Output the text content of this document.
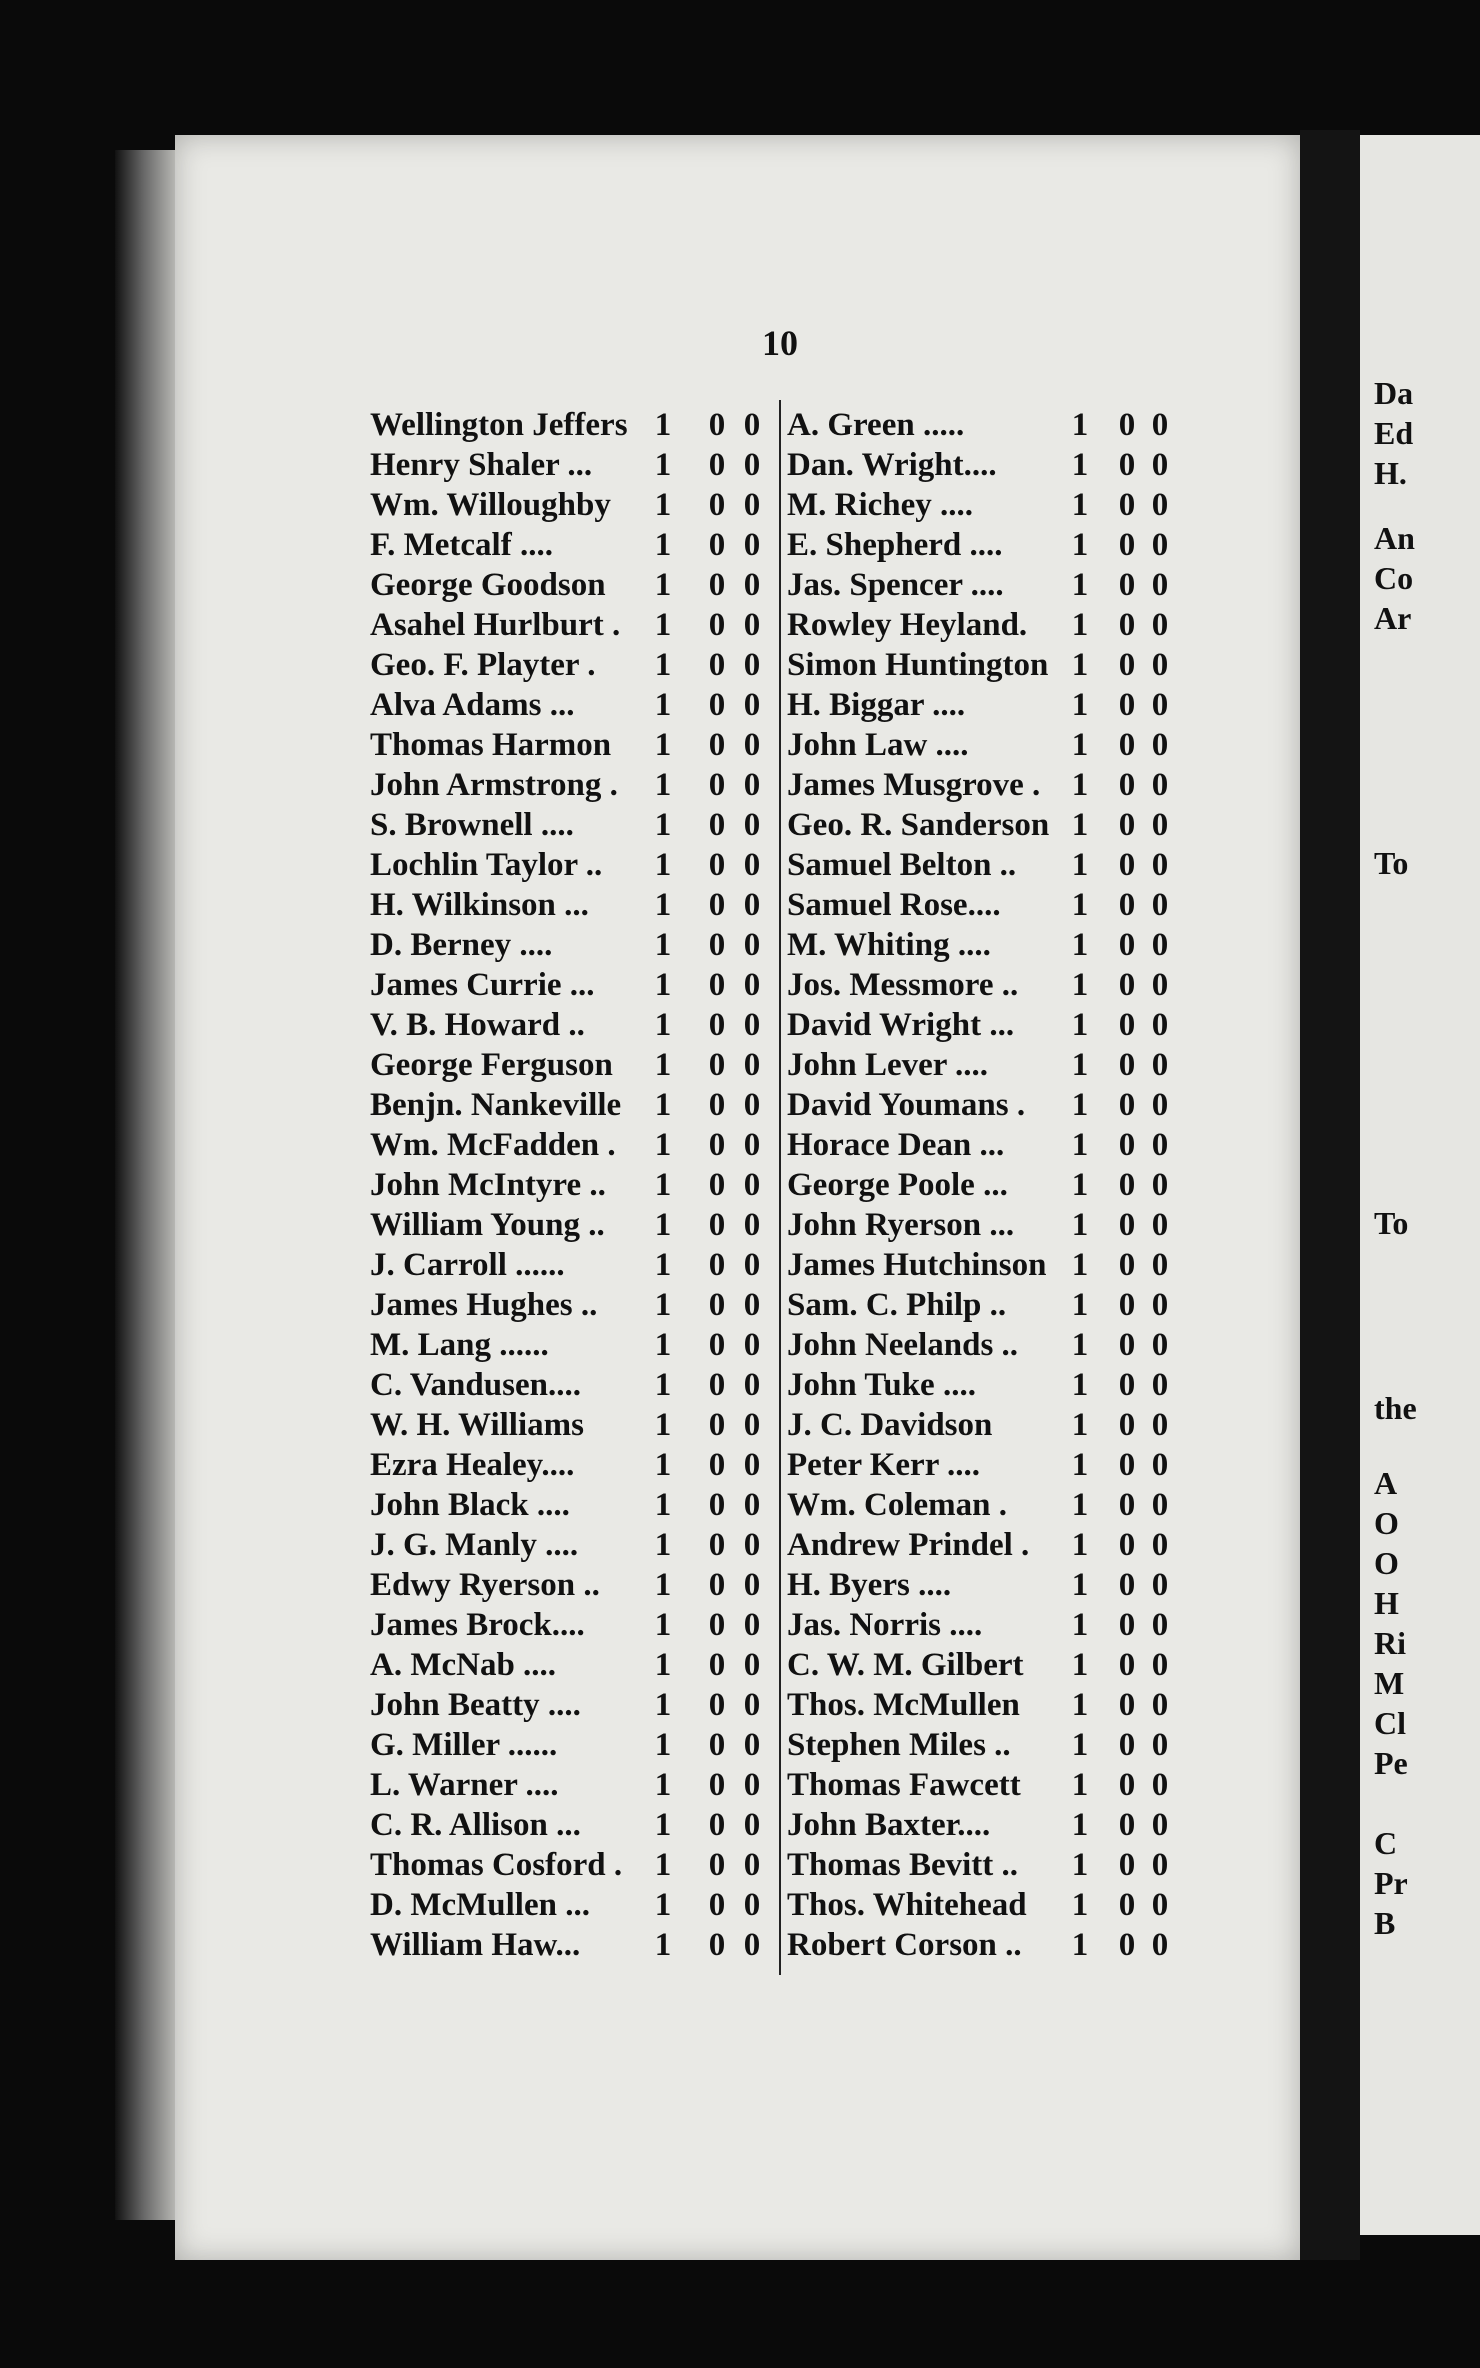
Da
Ed
H.
An
Co
Ar
To
To
the
A
O
O
H
Ri
M
Cl
Pe
C
Pr
B
10
Wellington Jeffers 1 0 0
Henry Shaler ... 1 0 0
Wm. Willoughby 1 0 0
F. Metcalf ....	1 0 0
George Goodson 1 0 0
Asahel Hurlburt . 1 0 0
Geo. F. Playter . 1 0 0
Alva Adams ... 1 0 0
Thomas Harmon 1 0 0
John Armstrong . 1 0 0
S. Brownell .... 1 0 0
Lochlin Taylor .. 1 0 0
H. Wilkinson ... 1 0 0
D. Berney ....	1 0 0
James Currie ... 1 0 0
V. B. Howard .. 1 0 0
George Ferguson 1 0 0
Benjn. Nankeville 1 0 0
Wm. McFadden . 1 0 0
John McIntyre .. 1 0 0
William Young .. 1 0 0
J. Carroll ......	1 0 0
James Hughes .. 1 0 0
M. Lang ......	1 0 0
C. Vandusen.... 1 0 0
W. H. Williams 1 0 0
Ezra Healey.... 1 0 0
John Black ....	1 0 0
J. G. Manly .... 1 0 0
Edwy Ryerson .. 1 0 0
James Brock.... 1 0 0
A. McNab ....	1 0 0
John Beatty .... 1 0 0
G. Miller ......	1 0 0
L. Warner ....	1 0 0
C. R. Allison ... 1 0 0
Thomas Cosford . 1 0 0
D. McMullen ... 1 0 0
William Haw... 1 0 0
A. Green .....	1 0 0
Dan. Wright.... 1 0 0
M. Richey ....	1 0 0
E. Shepherd .... 1 0 0
Jas. Spencer .... 1 0 0
Rowley Heyland. 1 0 0
Simon Huntington 1 0 0
H. Biggar ....	1 0 0
John Law ....	1 0 0
James Musgrove . 1 0 0
Geo. R. Sanderson 1 0 0
Samuel Belton .. 1 0 0
Samuel Rose.... 1 0 0
M. Whiting .... 1 0 0
Jos. Messmore .. 1 0 0
David Wright ... 1 0 0
John Lever ....	1 0 0
David Youmans . 1 0 0
Horace Dean ... 1 0 0
George Poole ... 1 0 0
John Ryerson ... 1 0 0
James Hutchinson 1 0 0
Sam. C. Philp .. 1 0 0
John Neelands .. 1 0 0
John Tuke ....	1 0 0
J. C. Davidson 1 0 0
Peter Kerr ....	1 0 0
Wm. Coleman . 1 0 0
Andrew Prindel . 1 0 0
H. Byers ....	1 0 0
Jas. Norris ....	1 0 0
C. W. M. Gilbert 1 0 0
Thos. McMullen 1 0 0
Stephen Miles .. 1 0 0
Thomas Fawcett 1 0 0
John Baxter.... 1 0 0
Thomas Bevitt .. 1 0 0
Thos. Whitehead 1 0 0
Robert Corson .. 1 0 0
